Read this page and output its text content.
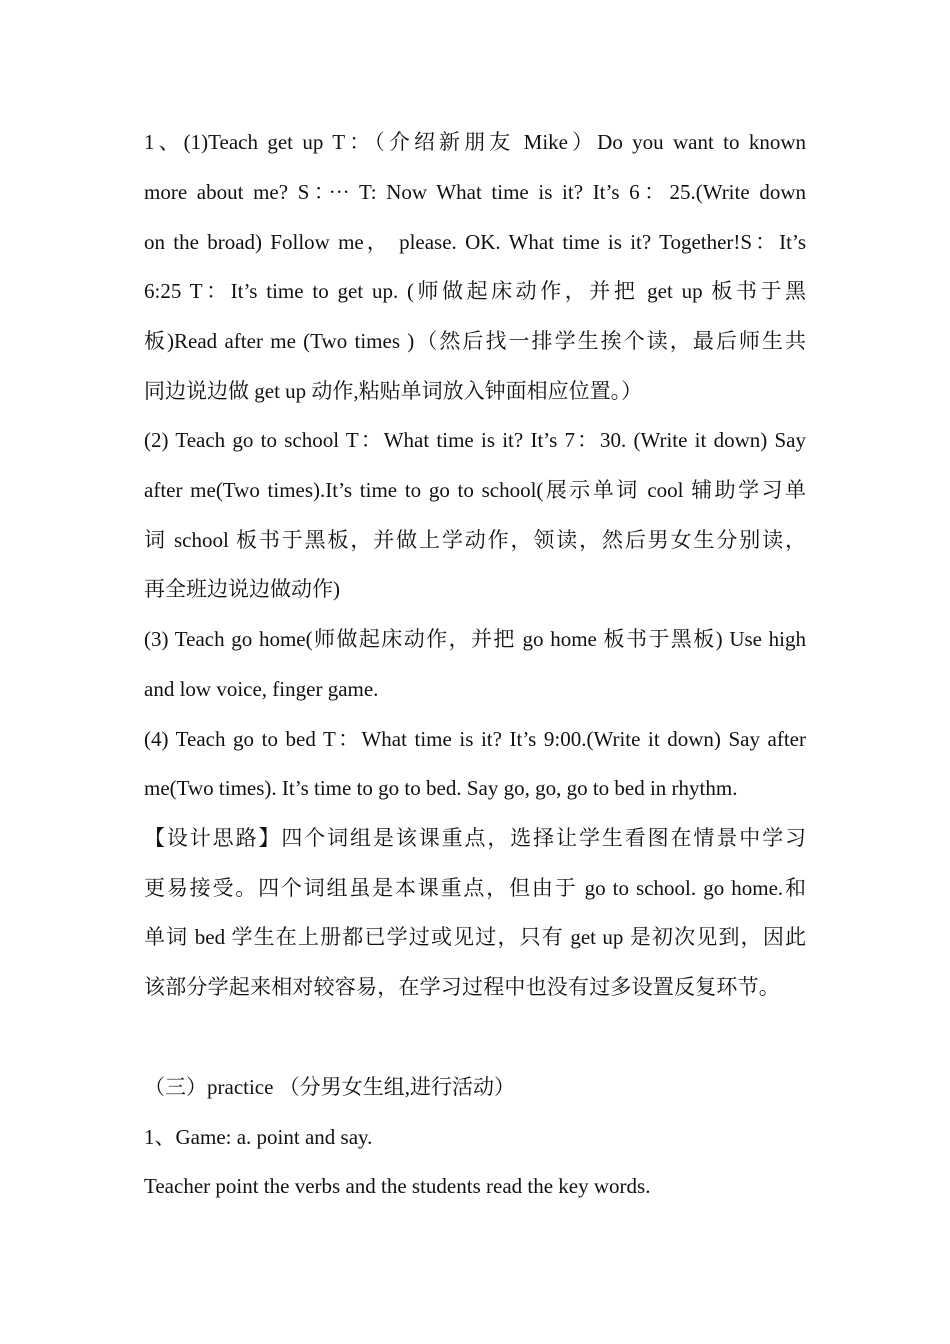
1、(1)Teach get up T：（介绍新朋友 Mike）Do you want to known
more about me? S：··· T: Now What time is it? It’s 6：25.(Write down
on the broad) Follow me， please. OK. What time is it? Together!S：It’s
6:25 T：It’s time to get up. (师做起床动作，并把 get up 板书于黑
板)Read after me (Two times )（然后找一排学生挨个读，最后师生共
同边说边做 get up 动作,粘贴单词放入钟面相应位置。）
(2) Teach go to school T：What time is it? It’s 7：30. (Write it down) Say
after me(Two times).It’s time to go to school(展示单词 cool 辅助学习单
词 school 板书于黑板，并做上学动作，领读，然后男女生分别读，
再全班边说边做动作)
(3) Teach go home(师做起床动作，并把 go home 板书于黑板) Use high
and low voice, finger game.
(4) Teach go to bed T：What time is it? It’s 9:00.(Write it down) Say after
me(Two times). It’s time to go to bed. Say go, go, go to bed in rhythm.
【设计思路】四个词组是该课重点，选择让学生看图在情景中学习
更易接受。四个词组虽是本课重点，但由于 go to school. go home.和
单词 bed 学生在上册都已学过或见过，只有 get up 是初次见到，因此
该部分学起来相对较容易，在学习过程中也没有过多设置反复环节。
（三）practice （分男女生组,进行活动）
1、Game: a. point and say.
Teacher point the verbs and the students read the key words.
